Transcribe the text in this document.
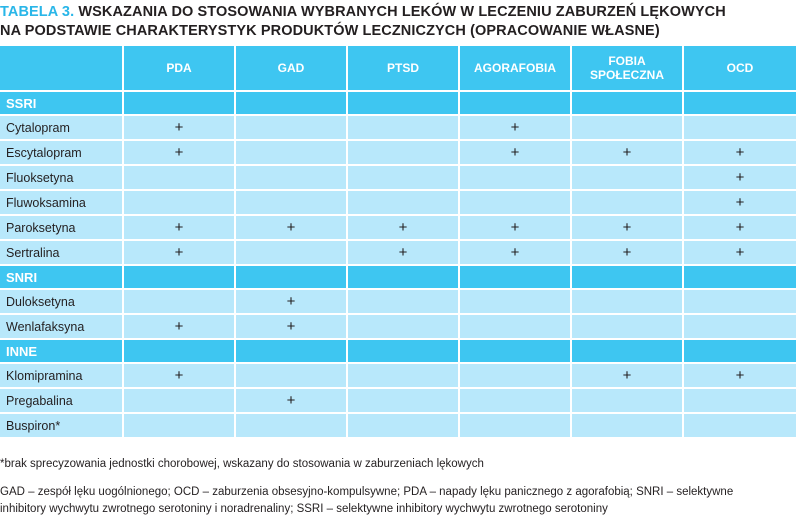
TABELA 3. WSKAZANIA DO STOSOWANIA WYBRANYCH LEKÓW W LECZENIU ZABURZEŃ LĘKOWYCH
NA PODSTAWIE CHARAKTERYSTYK PRODUKTÓW LECZNICZYCH (OPRACOWANIE WŁASNE)
	PDA	GAD	PTSD	AGORAFOBIA	FOBIA
SPOŁECZNA	OCD
SSRI						
Cytalopram	+			+		
Escytalopram	+			+	+	+
Fluoksetyna						+
Fluwoksamina						+
Paroksetyna	+	+	+	+	+	+
Sertralina	+		+	+	+	+
SNRI						
Duloksetyna		+				
Wenlafaksyna	+	+				
INNE						
Klomipramina	+				+	+
Pregabalina		+				
Buspiron*						
*brak sprecyzowania jednostki chorobowej, wskazany do stosowania w zaburzeniach lękowych
GAD – zespół lęku uogólnionego; OCD – zaburzenia obsesyjno-kompulsywne; PDA – napady lęku panicznego z agorafobią; SNRI – selektywne
inhibitory wychwytu zwrotnego serotoniny i noradrenaliny; SSRI – selektywne inhibitory wychwytu zwrotnego serotoniny
